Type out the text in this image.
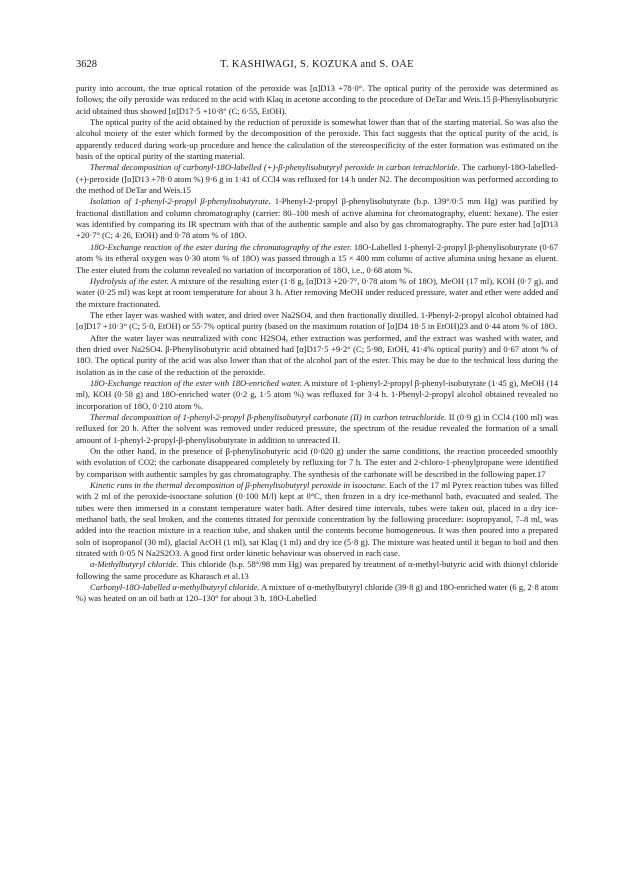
3628	T. KASHIWAGI, S. KOZUKA and S. OAE

purity into account, the true optical rotation of the peroxide was [α]D13 +78·0°. The optical purity of the peroxide was determined as follows; the oily peroxide was reduced to the acid with Klaq in acetone according to the procedure of DeTar and Weis.15 β-Phenylisobutyric acid obtained thus showed [α]D17·5 +10·8° (C; 6·55, EtOH).

The optical purity of the acid obtained by the reduction of peroxide is somewhat lower than that of the starting material. So was also the alcohol moiety of the ester which formed by the decomposition of the peroxide. This fact suggests that the optical purity of the acid, is apparently reduced during work-up procedure and hence the calculation of the stereospecificity of the ester formation was estimated on the basis of the optical purity of the starting material.

Thermal decomposition of carbonyl-18O-labelled (+)-β-phenylisobutyryl peroxide in carbon tetrachloride. The carbonyl-18O-labelled-(+)-peroxide ([α]D13 +78·0 atom %) 9·6 g in 1·41 of CCl4 was refluxed for 14 h under N2. The decomposition was performed according to the method of DeTar and Weis.15

Isolation of 1-phenyl-2-propyl β-phenylisobutyrate. 1-Phenyl-2-propyl β-phenylisobutyrate (b.p. 139°/0·5 mm Hg) was purified by fractional distillation and column chromatography (carrier: 80–100 mesh of active alumina for chromatography, eluent: hexane). The ester was identified by comparing its IR spectrum with that of the authentic sample and also by gas chromatography. The pure ester had [α]D13 +20·7° (C; 4·26, EtOH) and 0·78 atom % of 18O.

18O-Exchange reaction of the ester during the chromatography of the ester. 18O-Labelled 1-phenyl-2-propyl β-phenylisobutyrate (0·67 atom % its etheral oxygen was 0·30 atom % of 18O) was passed through a 15 × 400 mm column of active alumina using hexane as eluent. The ester eluted from the column revealed no variation of incorporation of 18O, i.e., 0·68 atom %.

Hydrolysis of the ester. A mixture of the resulting ester (1·8 g, [α]D13 +20·7°, 0·78 atom % of 18O), MeOH (17 ml), KOH (0·7 g), and water (0·25 ml) was kept at room temperature for about 3 h. After removing MeOH under reduced pressure, water and ether were added and the mixture fractionated.

The ether layer was washed with water, and dried over Na2SO4, and then fractionally distilled. 1-Phenyl-2-propyl alcohol obtained had [α]D17 +10·3° (C; 5·0, EtOH) or 55·7% optical purity (based on the maximum rotation of [α]D4 18·5 in EtOH)23 and 0·44 atom % of 18O.

After the water layer was neutralized with conc H2SO4, ether extraction was performed, and the extract was washed with water, and then dried over Na2SO4. β-Phenylisobutyric acid obtained had [α]D17·5 +9·2° (C; 5·98, EtOH, 41·4% optical purity) and 0·67 atom % of 18O. The optical purity of the acid was also lower than that of the alcohol part of the ester. This may be due to the technical loss during the isolation as in the case of the reduction of the peroxide.

18O-Exchange reaction of the ester with 18O-enriched water. A mixture of 1-phenyl-2-propyl β-phenyl-isobutyrate (1·45 g), MeOH (14 ml), KOH (0·58 g) and 18O-enriched water (0·2 g, 1·5 atom %) was refluxed for 3·4 h. 1-Phenyl-2-propyl alcohol obtained revealed no incorporation of 18O, 0·210 atom %.

Thermal decomposition of 1-phenyl-2-propyl β-phenylisobutyryl carbonate (II) in carbon tetrachloride. II (0·9 g) in CCl4 (100 ml) was refluxed for 20 h. After the solvent was removed under reduced pressure, the spectrum of the residue revealed the formation of a small amount of 1-phenyl-2-propyl-β-phenylisobutyrate in addition to unreacted II.

On the other hand, in the presence of β-phenylisobutyric acid (0·020 g) under the same conditions, the reaction proceeded smoothly with evolution of CO2; the carbonate disappeared completely by refluxing for 7 h. The ester and 2-chloro-1-phenylpropane were identified by comparison with authentic samples by gas chromatography. The synthesis of the carbonate will be described in the following paper.17

Kinetic runs in the thermal decomposition of β-phenylisobutyryl peroxide in isooctane. Each of the 17 ml Pyrex reaction tubes was filled with 2 ml of the peroxide-isooctane solution (0·100 M/l) kept at 0°C, then frozen in a dry ice-methanol bath, evacuated and sealed. The tubes were then immersed in a constant temperature water bath. After desired time intervals, tubes were taken out, placed in a dry ice-methanol bath, the seal broken, and the contents titrated for peroxide concentration by the following procedure: isopropyanol, 7–8 ml, was added into the reaction mixture in a reaction tube, and shaken until the contents become homogeneous. It was then poured into a prepared soln of isopropanol (30 ml), glacial AcOH (1 ml), sat Klaq (1 ml) and dry ice (5·8 g). The mixture was heated until it began to boil and then titrated with 0·05 N Na2S2O3. A good first order kinetic behaviour was observed in each case.

α-Methylbutyryl chloride. This chloride (b.p. 58°/98 mm Hg) was prepared by treatment of α-methyl-butyric acid with thionyl chloride following the same procedure as Kharasch et al.13

Carbonyl-18O-labelled α-methylbutyryl chloride. A mixture of α-methylbutyryl chloride (39·8 g) and 18O-enriched water (6 g, 2·8 atom %) was heated on an oil bath at 120–130° for about 3 h. 18O-Labelled
